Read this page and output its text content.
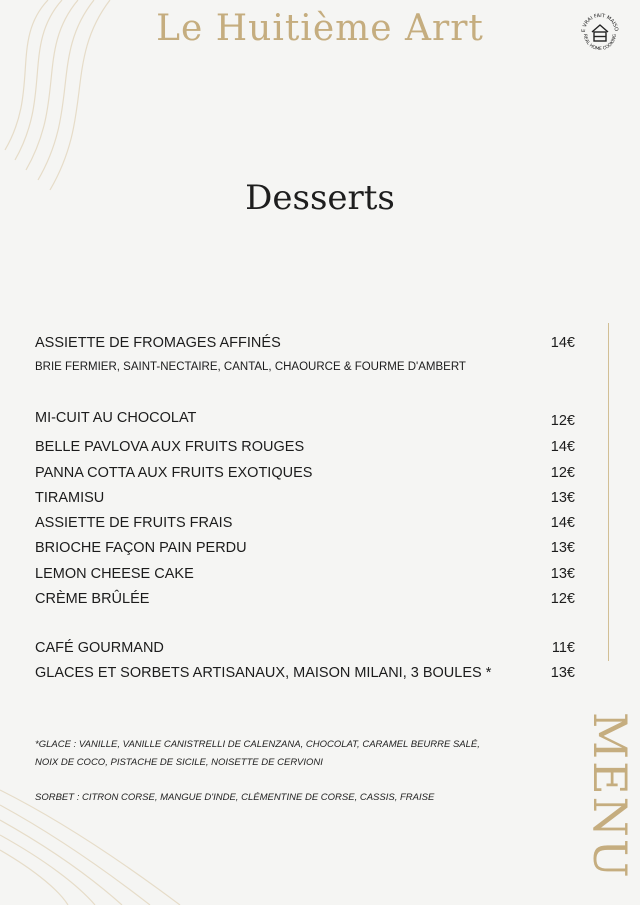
Le Huitième Arrt	E VRAI FAIT MAISO
REAL HOME COOKING
Desserts
ASSIETTE DE FROMAGES AFFINÉS	14€
BRIE FERMIER, SAINT-NECTAIRE, CANTAL, CHAOURCE & FOURME D'AMBERT
MI-CUIT AU CHOCOLAT	12€
BELLE PAVLOVA AUX FRUITS ROUGES	14€
PANNA COTTA AUX FRUITS EXOTIQUES	12€
TIRAMISU	13€
ASSIETTE DE FRUITS FRAIS	14€
BRIOCHE FAÇON PAIN PERDU	13€
LEMON CHEESE CAKE	13€
CRÈME BRÛLÉE	12€
CAFÉ GOURMAND	11€
GLACES ET SORBETS ARTISANAUX, MAISON MILANI, 3 BOULES *	13€
*GLACE : VANILLE, VANILLE CANISTRELLI DE CALENZANA, CHOCOLAT, CARAMEL BEURRE SALÉ,
NOIX DE COCO, PISTACHE DE SICILE, NOISETTE DE CERVIONI
SORBET : CITRON CORSE, MANGUE D'INDE, CLÉMENTINE DE CORSE, CASSIS, FRAISE	MENU
